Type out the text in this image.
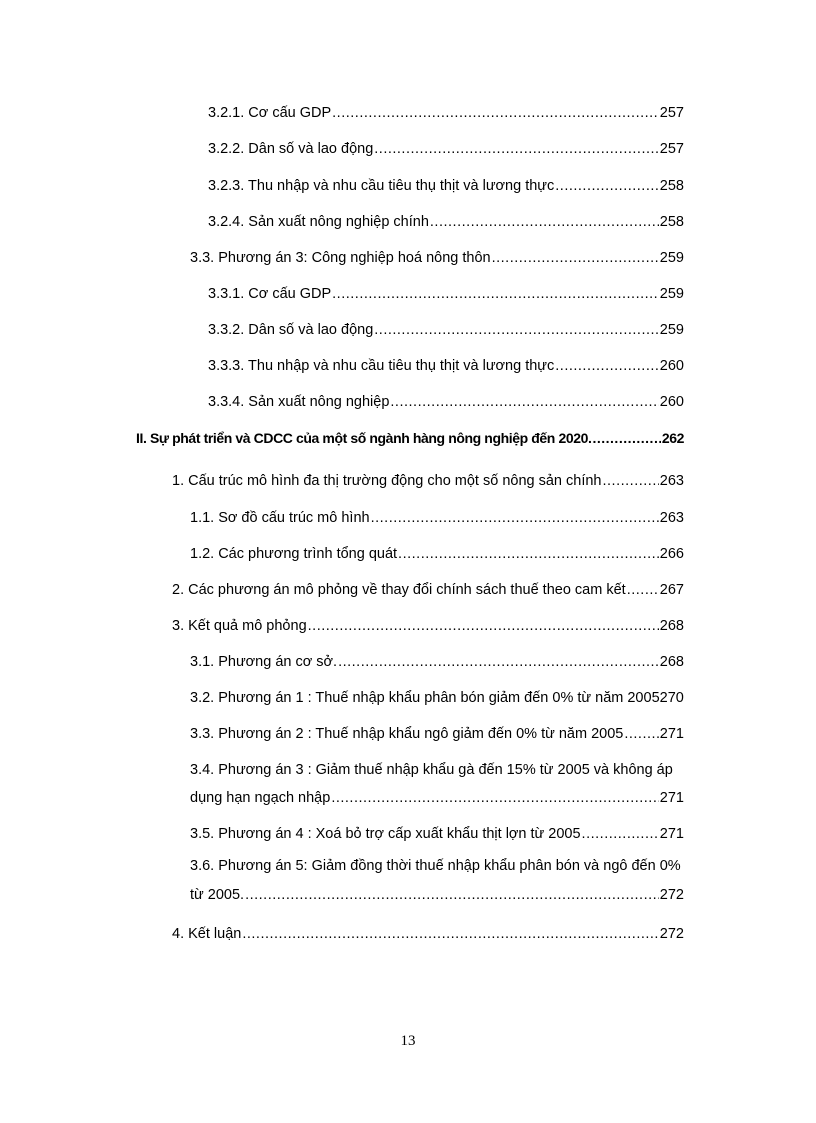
3.2.1. Cơ cấu GDP .....	257
3.2.2. Dân số và lao động .....	257
3.2.3. Thu nhập và nhu cầu tiêu thụ thịt và lương thực .....	258
3.2.4. Sản xuất nông nghiệp chính .....	258
3.3. Phương án 3: Công nghiệp hoá nông thôn .....	259
3.3.1. Cơ cấu GDP .....	259
3.3.2. Dân số và lao động .....	259
3.3.3. Thu nhập và nhu cầu tiêu thụ thịt và lương thực .....	260
3.3.4. Sản xuất nông nghiệp .....	260
II. Sự phát triển và CDCC của một số ngành hàng nông nghiệp đến 2020. .....	262
1. Cấu trúc mô hình đa thị trường động cho một số nông sản chính .....	263
1.1. Sơ đồ cấu trúc mô hình .....	263
1.2. Các phương trình tổng quát .....	266
2. Các phương án mô phỏng về thay đổi chính sách thuế theo cam kết ..... 267
3. Kết quả mô phỏng .....	268
3.1. Phương án cơ sở. .....	268
3.2. Phương án 1 : Thuế nhập khẩu phân bón giảm đến 0% từ năm 2005 270
3.3. Phương án 2 : Thuế nhập khẩu ngô giảm đến 0% từ năm 2005 .....	271
3.4. Phương án 3 : Giảm thuế nhập khẩu gà đến 15% từ 2005 và không áp
dụng hạn ngạch nhập .....	271
3.5. Phương án 4 : Xoá bỏ trợ cấp xuất khẩu thịt lợn từ 2005 .....	271
3.6. Phương án 5: Giảm đồng thời thuế nhập khẩu phân bón và ngô đến 0%
từ 2005. .....	272
4. Kết luận .....	272
13
